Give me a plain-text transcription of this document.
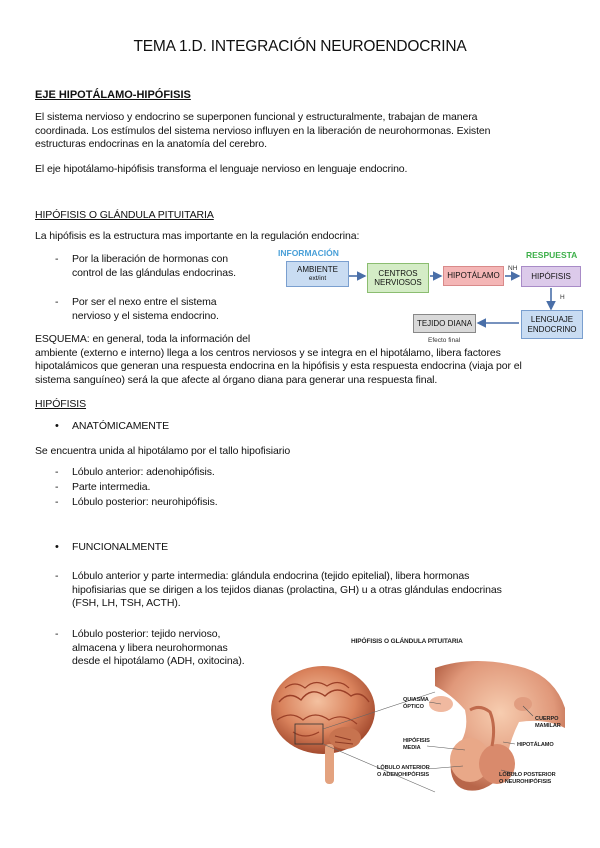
TEMA 1.D. INTEGRACIÓN NEUROENDOCRINA
EJE HIPOTÁLAMO-HIPÓFISIS
El sistema nervioso y endocrino se superponen funcional y estructuralmente, trabajan de manera
coordinada. Los estímulos del sistema nervioso influyen en la liberación de neurohormonas. Existen
estructuras endocrinas en la anatomía del cerebro.
El eje hipotálamo-hipófisis transforma el lenguaje nervioso en lenguaje endocrino.
HIPÓFISIS O GLÁNDULA PITUITARIA
La hipófisis es la estructura mas importante en la regulación endocrina:
- Por la liberación de hormonas con
control de las glándulas endocrinas.
- Por ser el nexo entre el sistema
nervioso y el sistema endocrino.
ESQUEMA: en general, toda la información del
ambiente (externo e interno) llega a los centros nerviosos y se integra en el hipotálamo, libera factores
hipotalámicos que generan una respuesta endocrina en la hipófisis y esta respuesta endocrina (viaja por el
sistema sanguíneo) será la que afecte al órgano diana para generar una respuesta final.
INFORMACIÓN	RESPUESTA
AMBIENTE
ext/int
CENTROS
NERVIOSOS
HIPOTÁLAMO
NH
HIPÓFISIS
H
LENGUAJE
ENDOCRINO
TEJIDO DIANA
Efecto final
HIPÓFISIS
• ANATÓMICAMENTE
Se encuentra unida al hipotálamo por el tallo hipofisiario
- Lóbulo anterior: adenohipófisis.
- Parte intermedia.
- Lóbulo posterior: neurohipófisis.
• FUNCIONALMENTE
- Lóbulo anterior y parte intermedia: glándula endocrina (tejido epitelial), libera hormonas
hipofisiarias que se dirigen a los tejidos dianas (prolactina, GH) u a otras glándulas endocrinas
(FSH, LH, TSH, ACTH).
- Lóbulo posterior: tejido nervioso,
almacena y libera neurohormonas
desde el hipotálamo (ADH, oxitocina).
HIPÓFISIS O GLÁNDULA PITUITARIA
QUIASMA
ÓPTICO
CUERPO
MAMILAR
HIPOTÁLAMO
HIPÓFISIS
MEDIA
LÓBULO ANTERIOR
O ADENOHIPÓFISIS	LÓBULO POSTERIOR
O NEUROHIPÓFISIS
